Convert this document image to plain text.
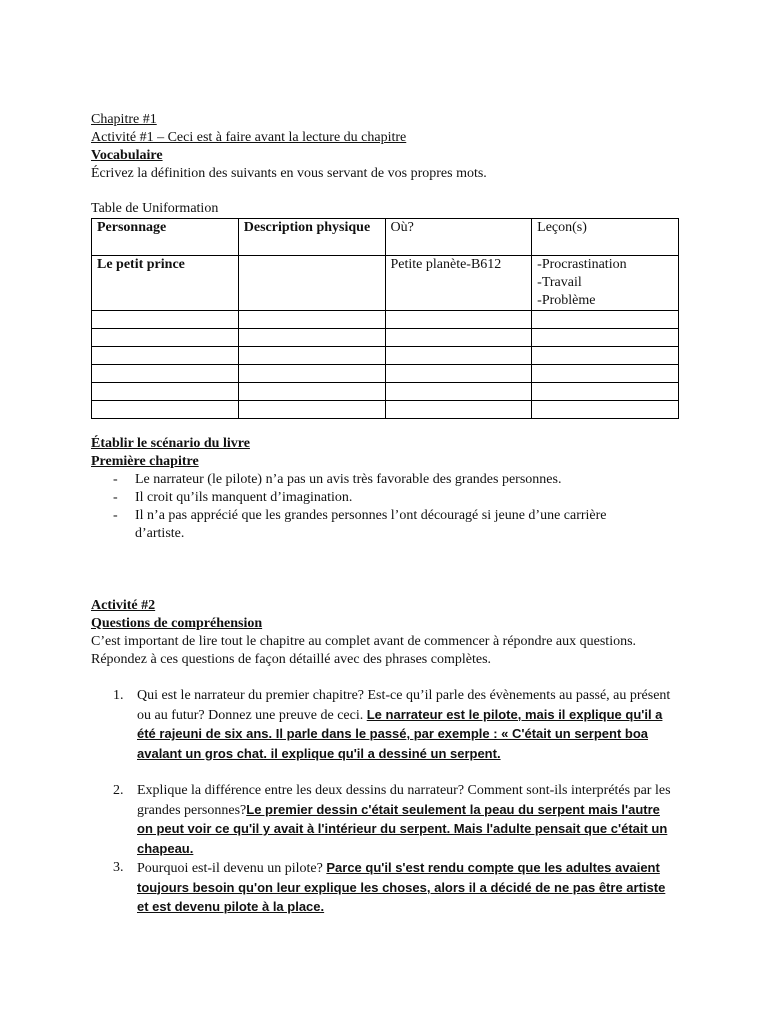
Chapitre #1
Activité #1 – Ceci est à faire avant la lecture du chapitre
Vocabulaire
Écrivez la définition des suivants en vous servant de vos propres mots.
Table de Uniformation
Personnage	Description physique	Où?	Leçon(s)
Le petit prince		Petite planète-B612	-Procrastination
-Travail
-Problème

Établir le scénario du livre
Première chapitre
- Le narrateur (le pilote) n’a pas un avis très favorable des grandes personnes.
- Il croit qu’ils manquent d’imagination.
- Il n’a pas apprécié que les grandes personnes l’ont découragé si jeune d’une carrière d’artiste.
Activité #2
Questions de compréhension
C’est important de lire tout le chapitre au complet avant de commencer à répondre aux questions. Répondez à ces questions de façon détaillé avec des phrases complètes.
1. Qui est le narrateur du premier chapitre? Est-ce qu’il parle des évènements au passé, au présent ou au futur? Donnez une preuve de ceci. Le narrateur est le pilote, mais il explique qu'il a été rajeuni de six ans. Il parle dans le passé, par exemple : « C'était un serpent boa avalant un gros chat. il explique qu'il a dessiné un serpent.
2. Explique la différence entre les deux dessins du narrateur? Comment sont-ils interprétés par les grandes personnes?Le premier dessin c'était seulement la peau du serpent mais l'autre on peut voir ce qu'il y avait à l'intérieur du serpent. Mais l'adulte pensait que c'était un chapeau.
3. Pourquoi est-il devenu un pilote? Parce qu'il s'est rendu compte que les adultes avaient toujours besoin qu'on leur explique les choses, alors il a décidé de ne pas être artiste et est devenu pilote à la place.
